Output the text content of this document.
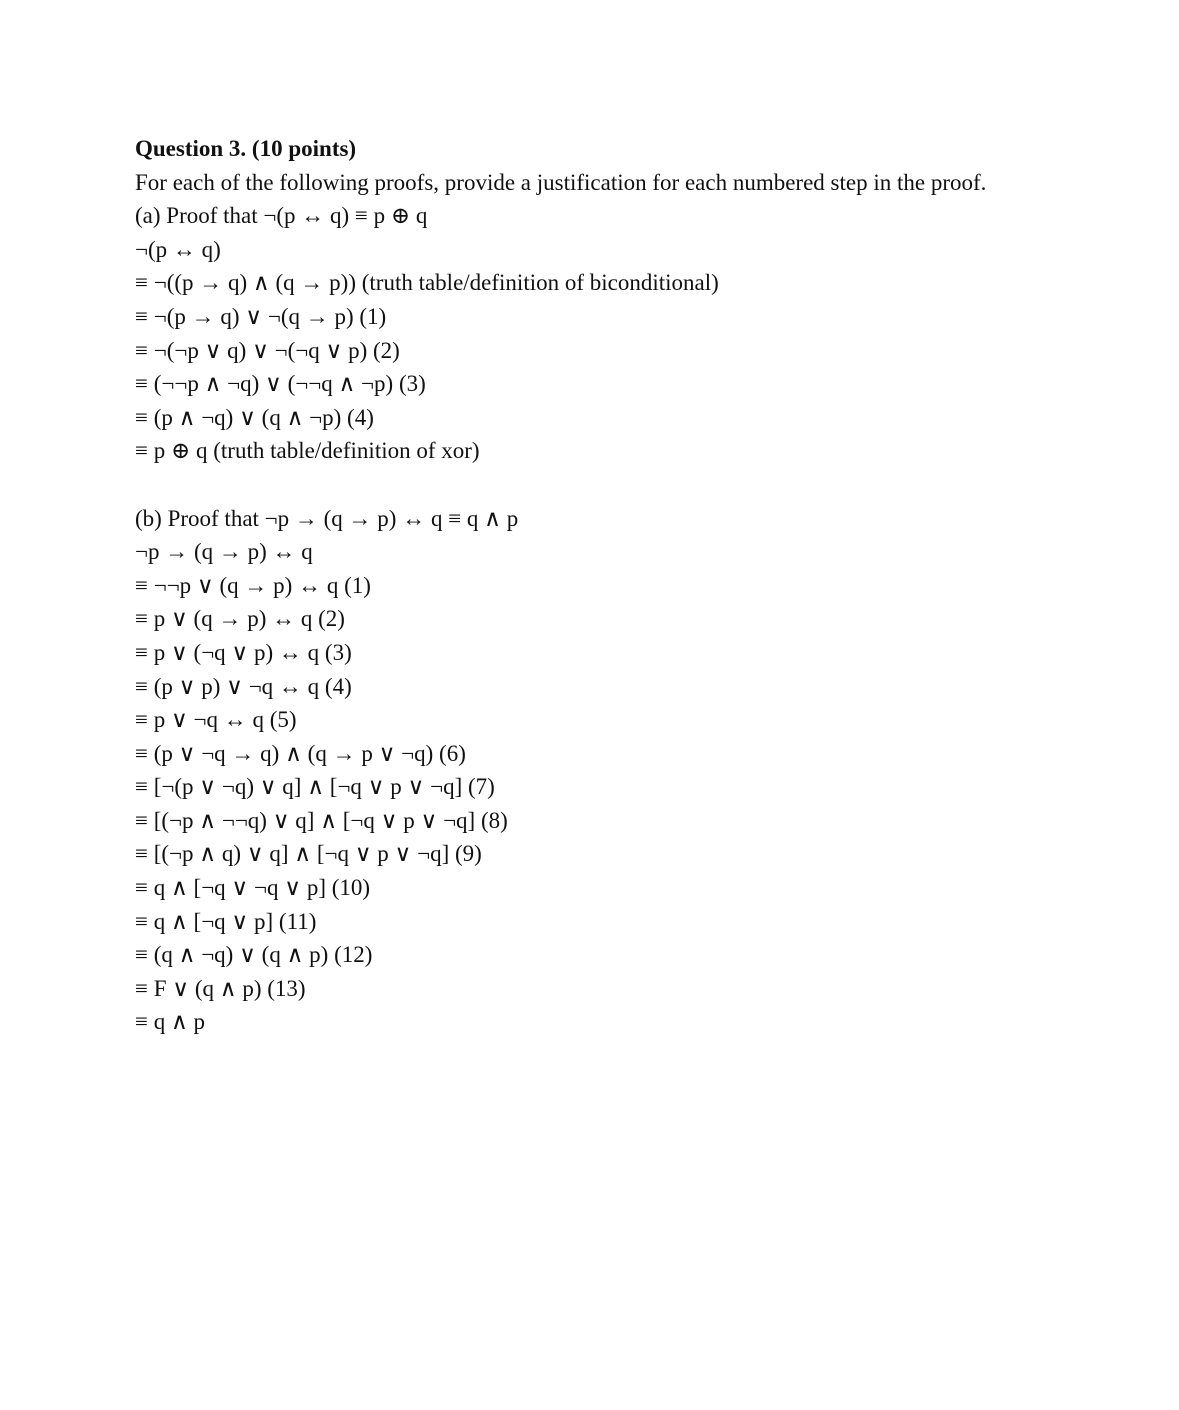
Question 3. (10 points)
For each of the following proofs, provide a justification for each numbered step in the proof.
(a) Proof that ¬(p ↔ q) ≡ p ⊕ q
¬(p ↔ q)
≡ ¬((p → q) ∧ (q → p)) (truth table/definition of biconditional)
≡ ¬(p → q) ∨ ¬(q → p) (1)
≡ ¬(¬p ∨ q) ∨ ¬(¬q ∨ p) (2)
≡ (¬¬p ∧ ¬q) ∨ (¬¬q ∧ ¬p) (3)
≡ (p ∧ ¬q) ∨ (q ∧ ¬p) (4)
≡ p ⊕ q (truth table/definition of xor)
(b) Proof that ¬p → (q → p) ↔ q ≡ q ∧ p
¬p → (q → p) ↔ q
≡ ¬¬p ∨ (q → p) ↔ q (1)
≡ p ∨ (q → p) ↔ q (2)
≡ p ∨ (¬q ∨ p) ↔ q (3)
≡ (p ∨ p) ∨ ¬q ↔ q (4)
≡ p ∨ ¬q ↔ q (5)
≡ (p ∨ ¬q → q) ∧ (q → p ∨ ¬q) (6)
≡ [¬(p ∨ ¬q) ∨ q] ∧ [¬q ∨ p ∨ ¬q] (7)
≡ [(¬p ∧ ¬¬q) ∨ q] ∧ [¬q ∨ p ∨ ¬q] (8)
≡ [(¬p ∧ q) ∨ q] ∧ [¬q ∨ p ∨ ¬q] (9)
≡ q ∧ [¬q ∨ ¬q ∨ p] (10)
≡ q ∧ [¬q ∨ p] (11)
≡ (q ∧ ¬q) ∨ (q ∧ p) (12)
≡ F ∨ (q ∧ p) (13)
≡ q ∧ p
